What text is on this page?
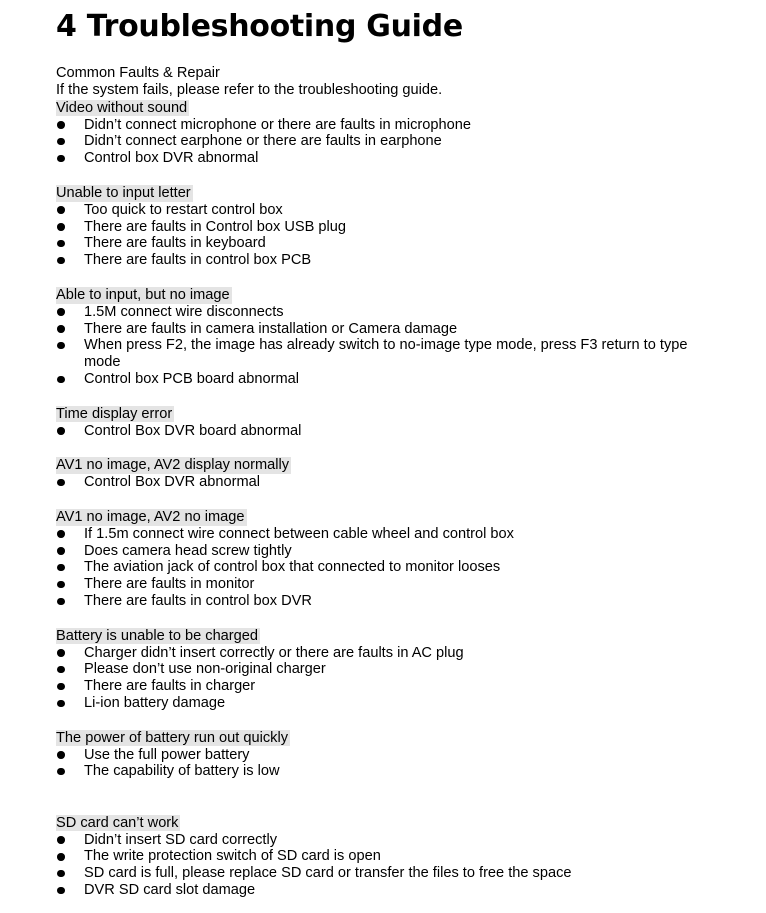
4 Troubleshooting Guide
Common Faults & Repair
If the system fails, please refer to the troubleshooting guide.
Video without sound
Didn’t connect microphone or there are faults in microphone
Didn’t connect earphone or there are faults in earphone
Control box DVR abnormal
Unable to input letter
Too quick to restart control box
There are faults in Control box USB plug
There are faults in keyboard
There are faults in control box PCB
Able to input, but no image
1.5M connect wire disconnects
There are faults in camera installation or Camera damage
When press F2, the image has already switch to no-image type mode, press F3 return to type mode
Control box PCB board abnormal
Time display error
Control Box DVR board abnormal
AV1 no image, AV2 display normally
Control Box DVR abnormal
AV1 no image, AV2 no image
If 1.5m connect wire connect between cable wheel and control box
Does camera head screw tightly
The aviation jack of control box that connected to monitor looses
There are faults in monitor
There are faults in control box DVR
Battery is unable to be charged
Charger didn’t insert correctly or there are faults in AC plug
Please don’t use non-original charger
There are faults in charger
Li-ion battery damage
The power of battery run out quickly
Use the full power battery
The capability of battery is low
SD card can’t work
Didn’t insert SD card correctly
The write protection switch of SD card is open
SD card is full, please replace SD card or transfer the files to free the space
DVR SD card slot damage
